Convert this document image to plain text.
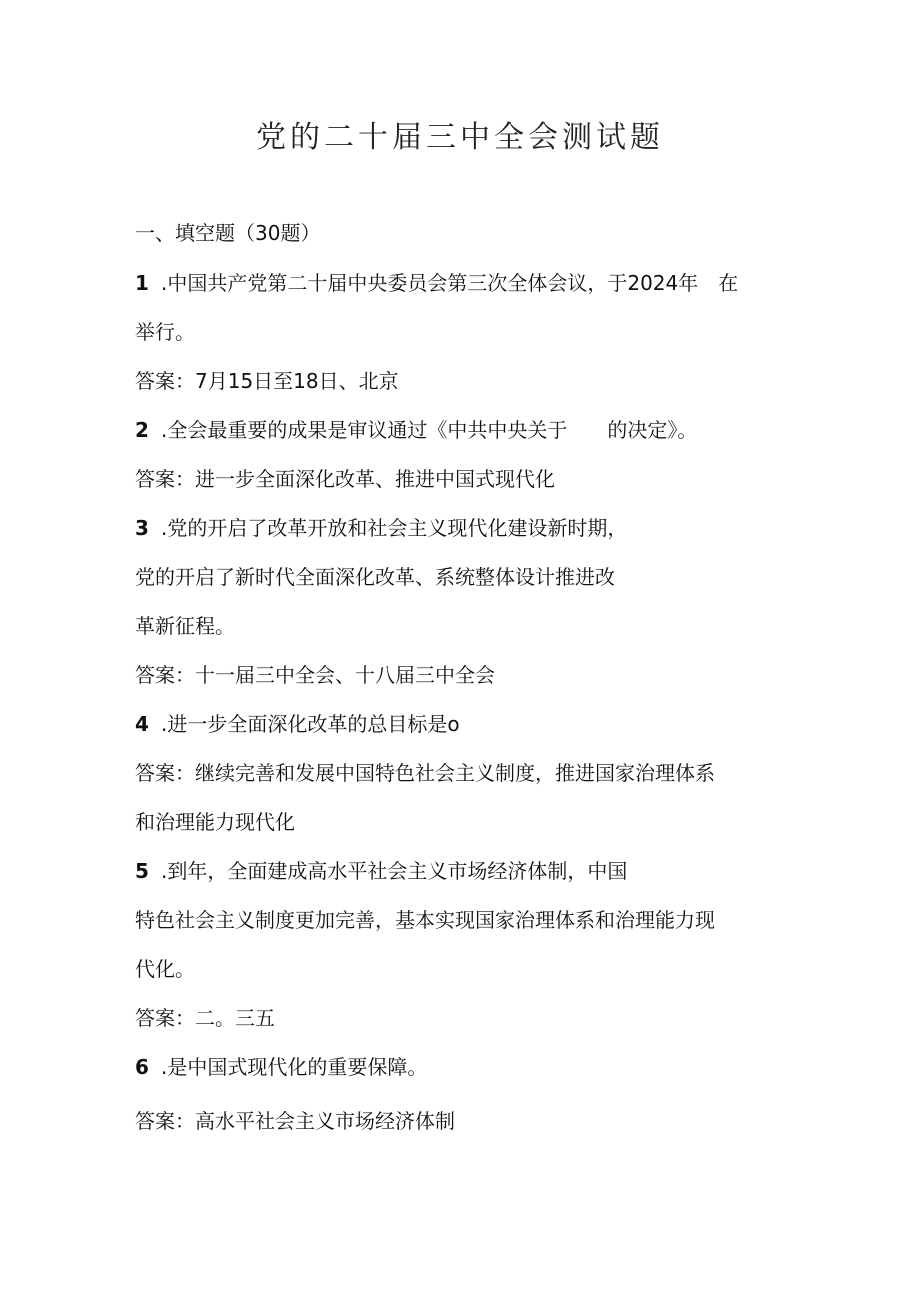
党的二十届三中全会测试题
一、填空题（30题）
1 .中国共产党第二十届中央委员会第三次全体会议，于2024年　在
举行。
答案：7月15日至18日、北京
2 .全会最重要的成果是审议通过《中共中央关于　　的决定》。
答案：进一步全面深化改革、推进中国式现代化
3 .党的开启了改革开放和社会主义现代化建设新时期，
党的开启了新时代全面深化改革、系统整体设计推进改
革新征程。
答案：十一届三中全会、十八届三中全会
4 .进一步全面深化改革的总目标是o
答案：继续完善和发展中国特色社会主义制度，推进国家治理体系
和治理能力现代化
5 .到年，全面建成高水平社会主义市场经济体制，中国
特色社会主义制度更加完善，基本实现国家治理体系和治理能力现
代化。
答案：二。三五
6 .是中国式现代化的重要保障。
答案：高水平社会主义市场经济体制
